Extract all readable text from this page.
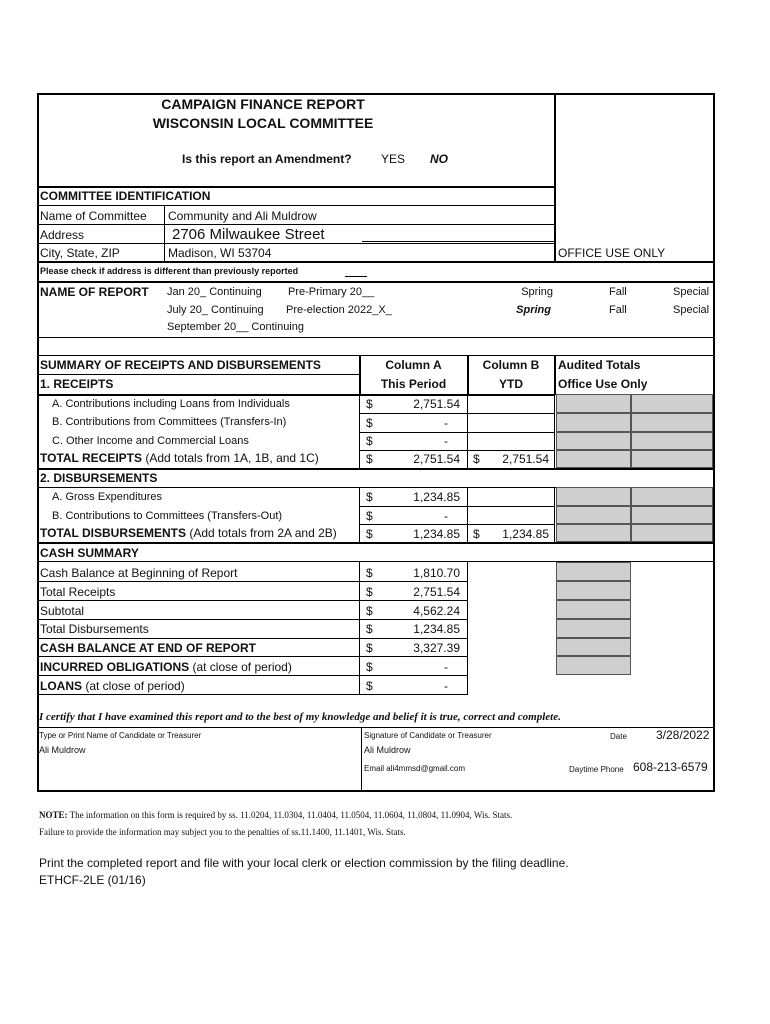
CAMPAIGN FINANCE REPORT
WISCONSIN LOCAL COMMITTEE
Is this report an Amendment? YES NO
COMMITTEE IDENTIFICATION
Name of Committee Community and Ali Muldrow
Address	2706 Milwaukee Street
City, State, ZIP	Madison, WI 53704	OFFICE USE ONLY
Please check if address is different than previously reported
NAME OF REPORT Jan 20_ Continuing Pre-Primary 20__	Spring	Fall	Special
July 20_ Continuing Pre-election 2022_X_	Spring	Fall	Special
September 20__ Continuing
SUMMARY OF RECEIPTS AND DISBURSEMENTS
1. RECEIPTS
Column A
This Period
Column B
YTD
Audited Totals
Office Use Only
A. Contributions including Loans from Individuals	$	2,751.54
B. Contributions from Committees (Transfers-In)	$	-
C. Other Income and Commercial Loans	$	-
TOTAL RECEIPTS (Add totals from 1A, 1B, and 1C)	$	2,751.54 $	2,751.54
2. DISBURSEMENTS
A. Gross Expenditures	$	1,234.85
B. Contributions to Committees (Transfers-Out)	$	-
TOTAL DISBURSEMENTS (Add totals from 2A and 2B) $	1,234.85 $	1,234.85
CASH SUMMARY
Cash Balance at Beginning of Report	$	1,810.70
Total Receipts	$	2,751.54
Subtotal	$	4,562.24
Total Disbursements	$	1,234.85
CASH BALANCE AT END OF REPORT	$	3,327.39
INCURRED OBLIGATIONS (at close of period)	$	-
LOANS (at close of period)	$	-
I certify that I have examined this report and to the best of my knowledge and belief it is true, correct and complete.
Type or Print Name of Candidate or Treasurer
Ali Muldrow
Signature of Candidate or Treasurer
Ali Muldrow
Date 3/28/2022
Email ali4mmsd@gmail.com	Daytime Phone 608-213-6579
NOTE: The information on this form is required by ss. 11.0204, 11.0304, 11.0404, 11.0504, 11.0604, 11.0804, 11.0904, Wis. Stats.
Failure to provide the information may subject you to the penalties of ss.11.1400, 11.1401, Wis. Stats.
Print the completed report and file with your local clerk or election commission by the filing deadline.
ETHCF-2LE (01/16)
